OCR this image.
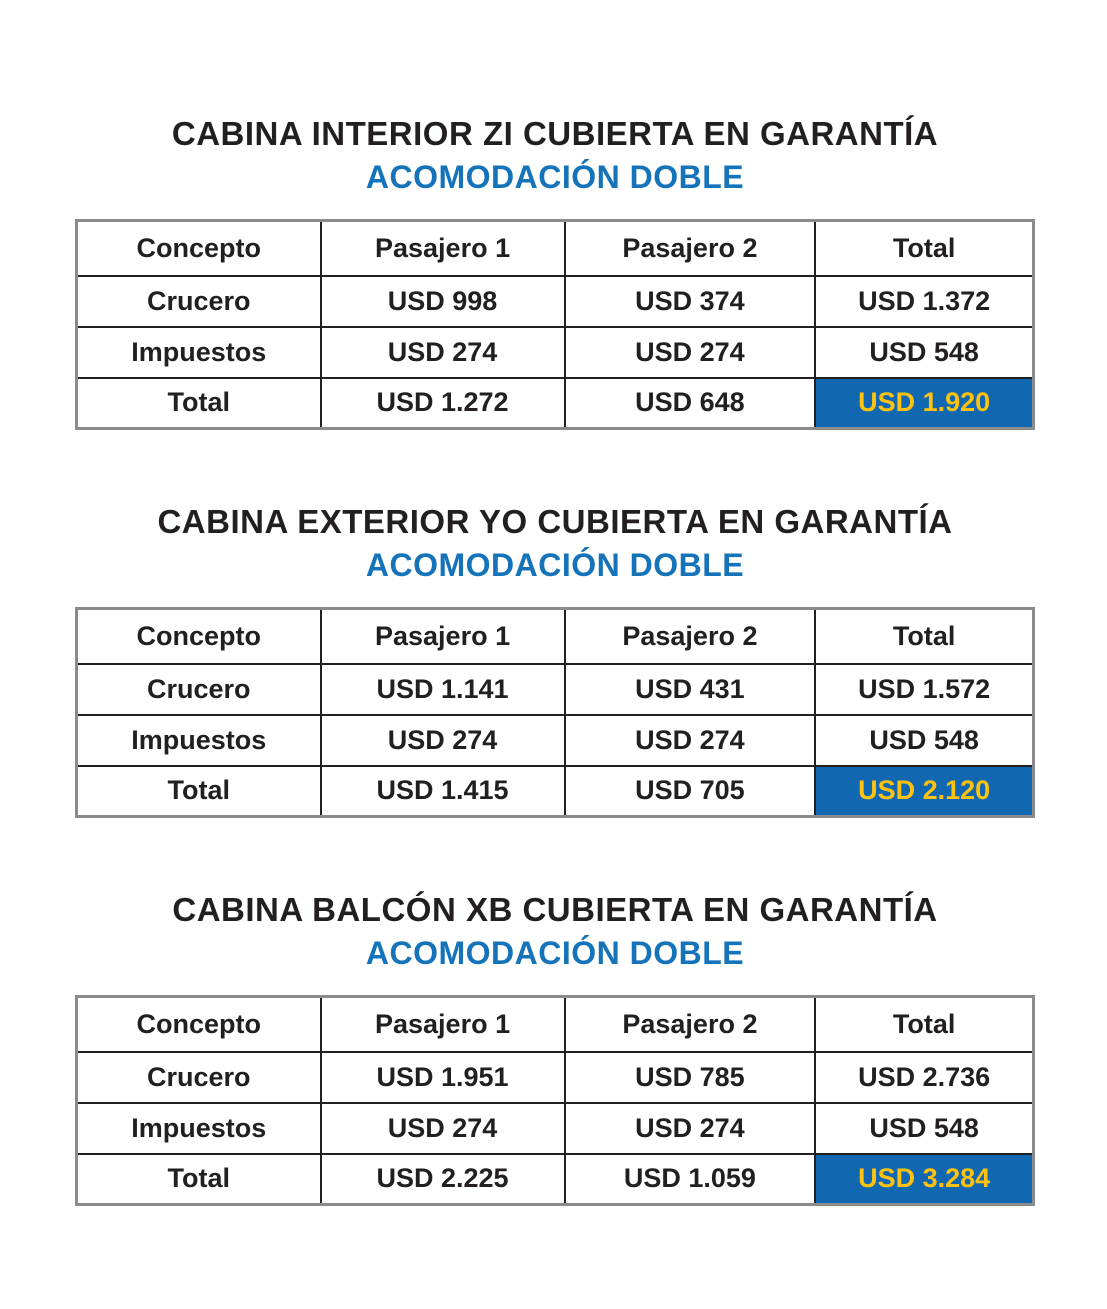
CABINA INTERIOR ZI CUBIERTA EN GARANTÍA
ACOMODACIÓN DOBLE
Concepto	Pasajero 1	Pasajero 2	Total
Crucero	USD 998	USD 374	USD 1.372
Impuestos	USD 274	USD 274	USD 548
Total	USD 1.272	USD 648	USD 1.920
CABINA EXTERIOR YO CUBIERTA EN GARANTÍA
ACOMODACIÓN DOBLE
Concepto	Pasajero 1	Pasajero 2	Total
Crucero	USD 1.141	USD 431	USD 1.572
Impuestos	USD 274	USD 274	USD 548
Total	USD 1.415	USD 705	USD 2.120
CABINA BALCÓN XB CUBIERTA EN GARANTÍA
ACOMODACIÓN DOBLE
Concepto	Pasajero 1	Pasajero 2	Total
Crucero	USD 1.951	USD 785	USD 2.736
Impuestos	USD 274	USD 274	USD 548
Total	USD 2.225	USD 1.059	USD 3.284
